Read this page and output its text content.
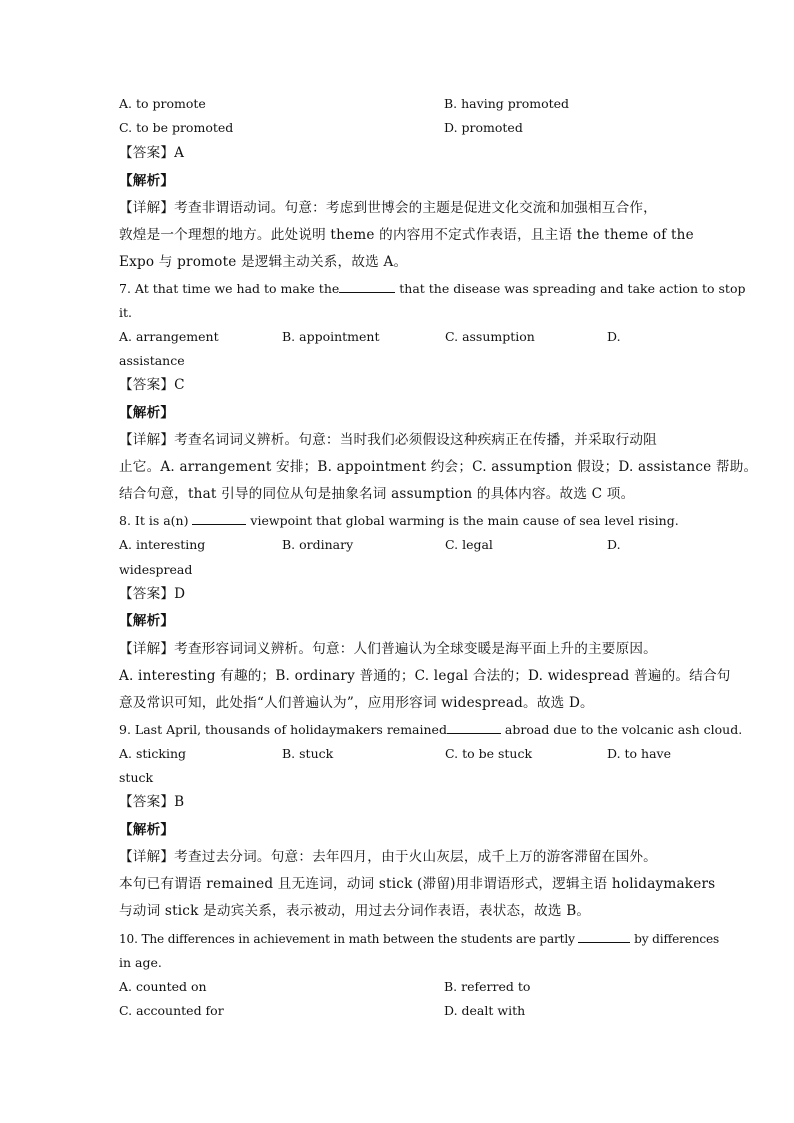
A. to promote	B. having promoted
C. to be promoted	D. promoted
【答案】A
【解析】
【详解】考查非谓语动词。句意：考虑到世博会的主题是促进文化交流和加强相互合作，
敦煌是一个理想的地方。此处说明 theme 的内容用不定式作表语，且主语 the theme of the
Expo 与 promote 是逻辑主动关系，故选 A。
7. At that time we had to make the	that the disease was spreading and take action to stop
it.
A. arrangement	B. appointment	C. assumption	D.
assistance
【答案】C
【解析】
【详解】考查名词词义辨析。句意：当时我们必须假设这种疾病正在传播，并采取行动阻
止它。A. arrangement 安排；B. appointment 约会；C. assumption 假设；D. assistance 帮助。
结合句意，that 引导的同位从句是抽象名词 assumption 的具体内容。故选 C 项。
8. It is a(n)	viewpoint that global warming is the main cause of sea level rising.
A. interesting	B. ordinary	C. legal	D.
widespread
【答案】D
【解析】
【详解】考查形容词词义辨析。句意：人们普遍认为全球变暖是海平面上升的主要原因。
A. interesting 有趣的；B. ordinary 普通的；C. legal 合法的；D. widespread 普遍的。结合句
意及常识可知，此处指“人们普遍认为”，应用形容词 widespread。故选 D。
9. Last April, thousands of holidaymakers remained	abroad due to the volcanic ash cloud.
A. sticking	B. stuck	C. to be stuck	D. to have
stuck
【答案】B
【解析】
【详解】考查过去分词。句意：去年四月，由于火山灰层，成千上万的游客滞留在国外。
本句已有谓语 remained 且无连词，动词 stick (滞留)用非谓语形式，逻辑主语 holidaymakers
与动词 stick 是动宾关系，表示被动，用过去分词作表语，表状态，故选 B。
10. The differences in achievement in math between the students are partly	by differences
in age.
A. counted on	B. referred to
C. accounted for	D. dealt with
